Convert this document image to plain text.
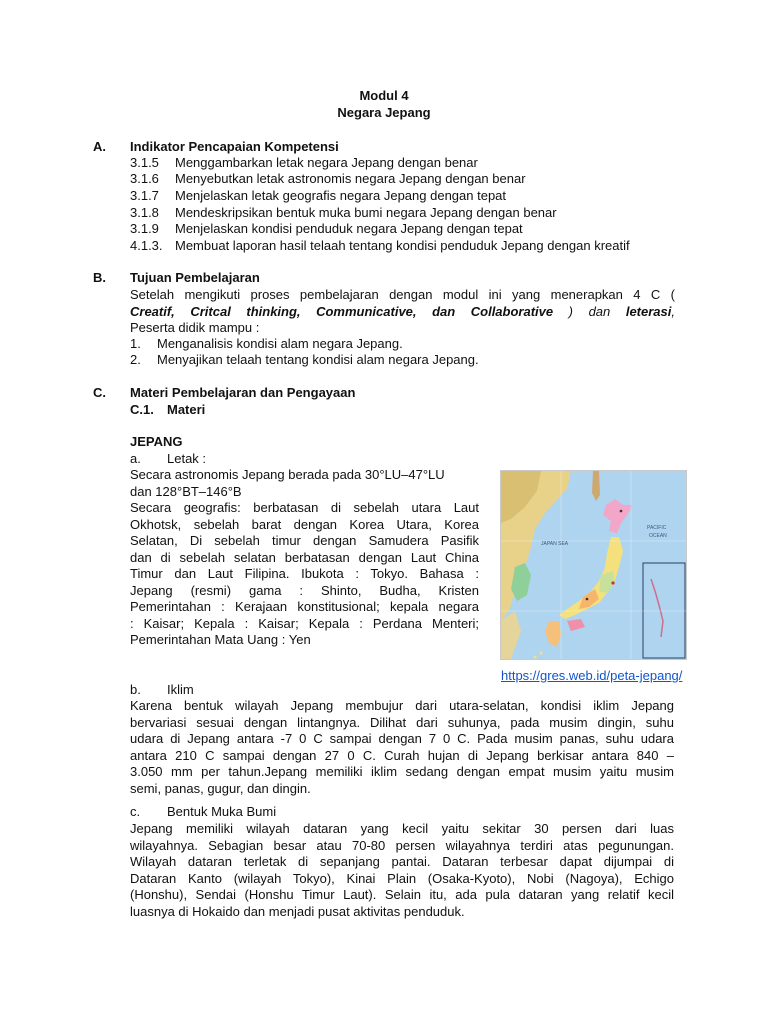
Modul 4
Negara Jepang
A. Indikator Pencapaian Kompetensi
3.1.5 Menggambarkan letak negara Jepang dengan benar
3.1.6 Menyebutkan letak astronomis negara Jepang dengan benar
3.1.7 Menjelaskan letak geografis negara Jepang dengan tepat
3.1.8 Mendeskripsikan bentuk muka bumi negara Jepang dengan benar
3.1.9 Menjelaskan kondisi penduduk negara Jepang dengan tepat
4.1.3. Membuat laporan hasil telaah tentang kondisi penduduk Jepang dengan kreatif
B. Tujuan Pembelajaran
Setelah mengikuti proses pembelajaran dengan modul ini yang menerapkan 4 C (
Creatif, Critcal thinking, Communicative, dan Collaborative ) dan leterasi,
Peserta didik mampu :
1. Menganalisis kondisi alam negara Jepang.
2. Menyajikan telaah tentang kondisi alam negara Jepang.
C. Materi Pembelajaran dan Pengayaan
C.1. Materi
JEPANG
a. Letak :
Secara astronomis Jepang berada pada 30°LU–47°LU
dan 128°BT–146°B
Secara geografis: berbatasan di sebelah utara Laut
Okhotsk, sebelah barat dengan Korea Utara, Korea
Selatan, Di sebelah timur dengan Samudera Pasifik
dan di sebelah selatan berbatasan dengan Laut China
Timur dan Laut Filipina. Ibukota : Tokyo. Bahasa :
Jepang (resmi) gama : Shinto, Budha, Kristen
Pemerintahan : Kerajaan konstitusional; kepala negara
: Kaisar; Kepala : Kaisar; Kepala : Perdana Menteri;
Pemerintahan Mata Uang : Yen
JAPAN SEA
PACIFIC
OCEAN
https://gres.web.id/peta-jepang/
b. Iklim
Karena bentuk wilayah Jepang membujur dari utara-selatan, kondisi iklim Jepang
bervariasi sesuai dengan lintangnya. Dilihat dari suhunya, pada musim dingin, suhu
udara di Jepang antara -7 0 C sampai dengan 7 0 C. Pada musim panas, suhu udara
antara 210 C sampai dengan 27 0 C. Curah hujan di Jepang berkisar antara 840 –
3.050 mm per tahun.Jepang memiliki iklim sedang dengan empat musim yaitu musim
semi, panas, gugur, dan dingin.
c. Bentuk Muka Bumi
Jepang memiliki wilayah dataran yang kecil yaitu sekitar 30 persen dari luas
wilayahnya. Sebagian besar atau 70-80 persen wilayahnya terdiri atas pegunungan.
Wilayah dataran terletak di sepanjang pantai. Dataran terbesar dapat dijumpai di
Dataran Kanto (wilayah Tokyo), Kinai Plain (Osaka-Kyoto), Nobi (Nagoya), Echigo
(Honshu), Sendai (Honshu Timur Laut). Selain itu, ada pula dataran yang relatif kecil
luasnya di Hokaido dan menjadi pusat aktivitas penduduk.
